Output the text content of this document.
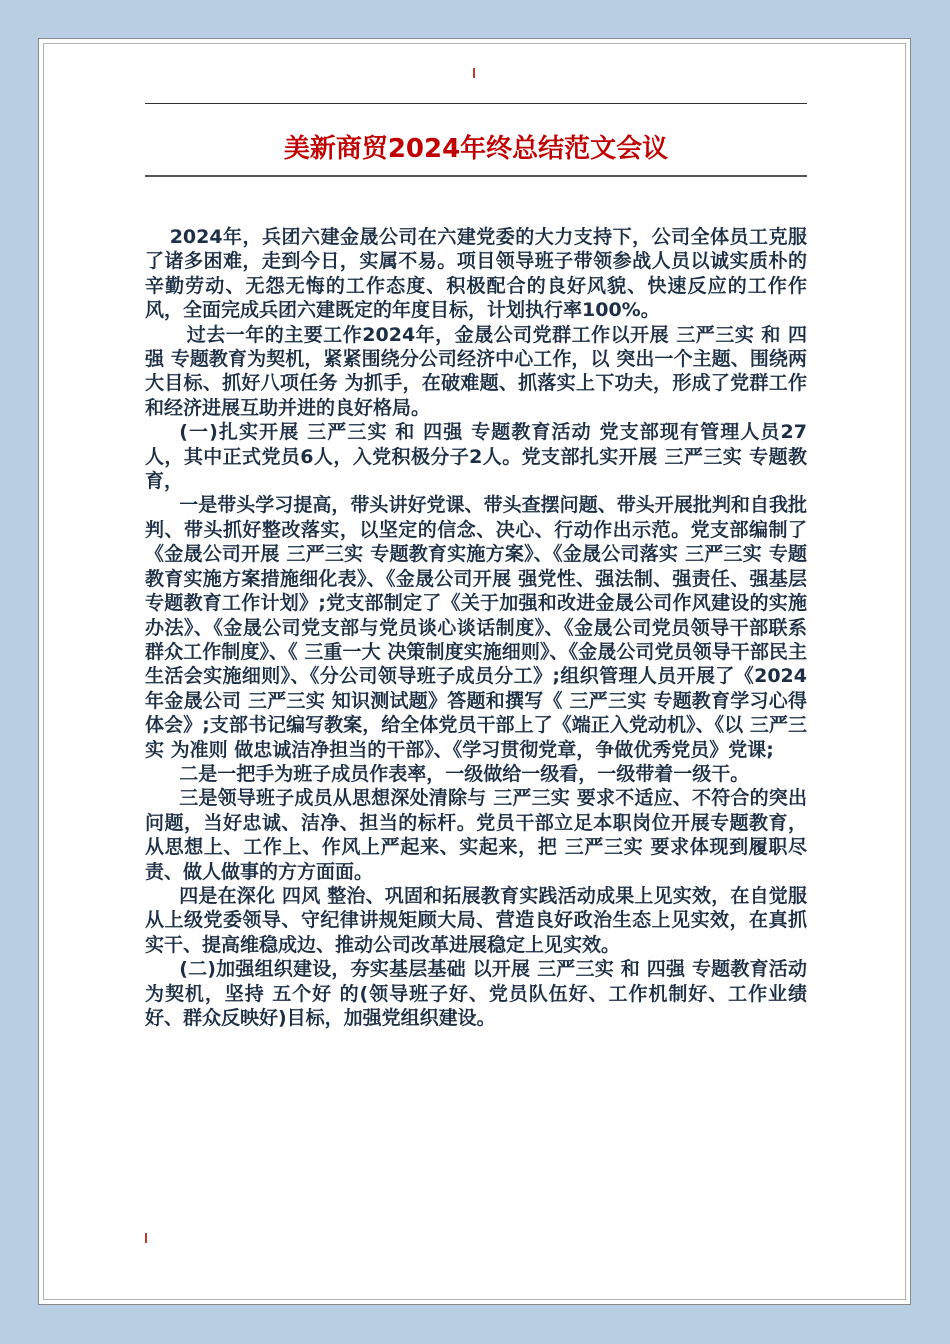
美新商贸2024年终总结范文会议

2024年，兵团六建金晟公司在六建党委的大力支持下，公司全体员工克服了诸多困难，走到今日，实属不易。项目领导班子带领参战人员以诚实质朴的辛勤劳动、无怨无悔的工作态度、积极配合的良好风貌、快速反应的工作作风，全面完成兵团六建既定的年度目标，计划执行率100%。

过去一年的主要工作2024年，金晟公司党群工作以开展 三严三实 和 四强 专题教育为契机，紧紧围绕分公司经济中心工作，以 突出一个主题、围绕两大目标、抓好八项任务 为抓手，在破难题、抓落实上下功夫，形成了党群工作和经济进展互助并进的良好格局。

(一)扎实开展 三严三实 和 四强 专题教育活动 党支部现有管理人员27人，其中正式党员6人，入党积极分子2人。党支部扎实开展 三严三实 专题教育，

一是带头学习提高，带头讲好党课、带头查摆问题、带头开展批判和自我批判、带头抓好整改落实，以坚定的信念、决心、行动作出示范。党支部编制了《金晟公司开展 三严三实 专题教育实施方案》、《金晟公司落实 三严三实 专题教育实施方案措施细化表》、《金晟公司开展 强党性、强法制、强责任、强基层 专题教育工作计划》;党支部制定了《关于加强和改进金晟公司作风建设的实施办法》、《金晟公司党支部与党员谈心谈话制度》、《金晟公司党员领导干部联系群众工作制度》、《 三重一大 决策制度实施细则》、《金晟公司党员领导干部民主生活会实施细则》、《分公司领导班子成员分工》;组织管理人员开展了《2024年金晟公司 三严三实 知识测试题》答题和撰写《 三严三实 专题教育学习心得体会》;支部书记编写教案，给全体党员干部上了《端正入党动机》、《以 三严三实 为准则 做忠诚洁净担当的干部》、《学习贯彻党章，争做优秀党员》党课;

二是一把手为班子成员作表率，一级做给一级看，一级带着一级干。

三是领导班子成员从思想深处清除与 三严三实 要求不适应、不符合的突出问题，当好忠诚、洁净、担当的标杆。党员干部立足本职岗位开展专题教育，从思想上、工作上、作风上严起来、实起来，把 三严三实 要求体现到履职尽责、做人做事的方方面面。

四是在深化 四风 整治、巩固和拓展教育实践活动成果上见实效，在自觉服从上级党委领导、守纪律讲规矩顾大局、营造良好政治生态上见实效，在真抓实干、提高维稳成边、推动公司改革进展稳定上见实效。

(二)加强组织建设，夯实基层基础 以开展 三严三实 和 四强 专题教育活动为契机，坚持 五个好 的(领导班子好、党员队伍好、工作机制好、工作业绩好、群众反映好)目标，加强党组织建设。
